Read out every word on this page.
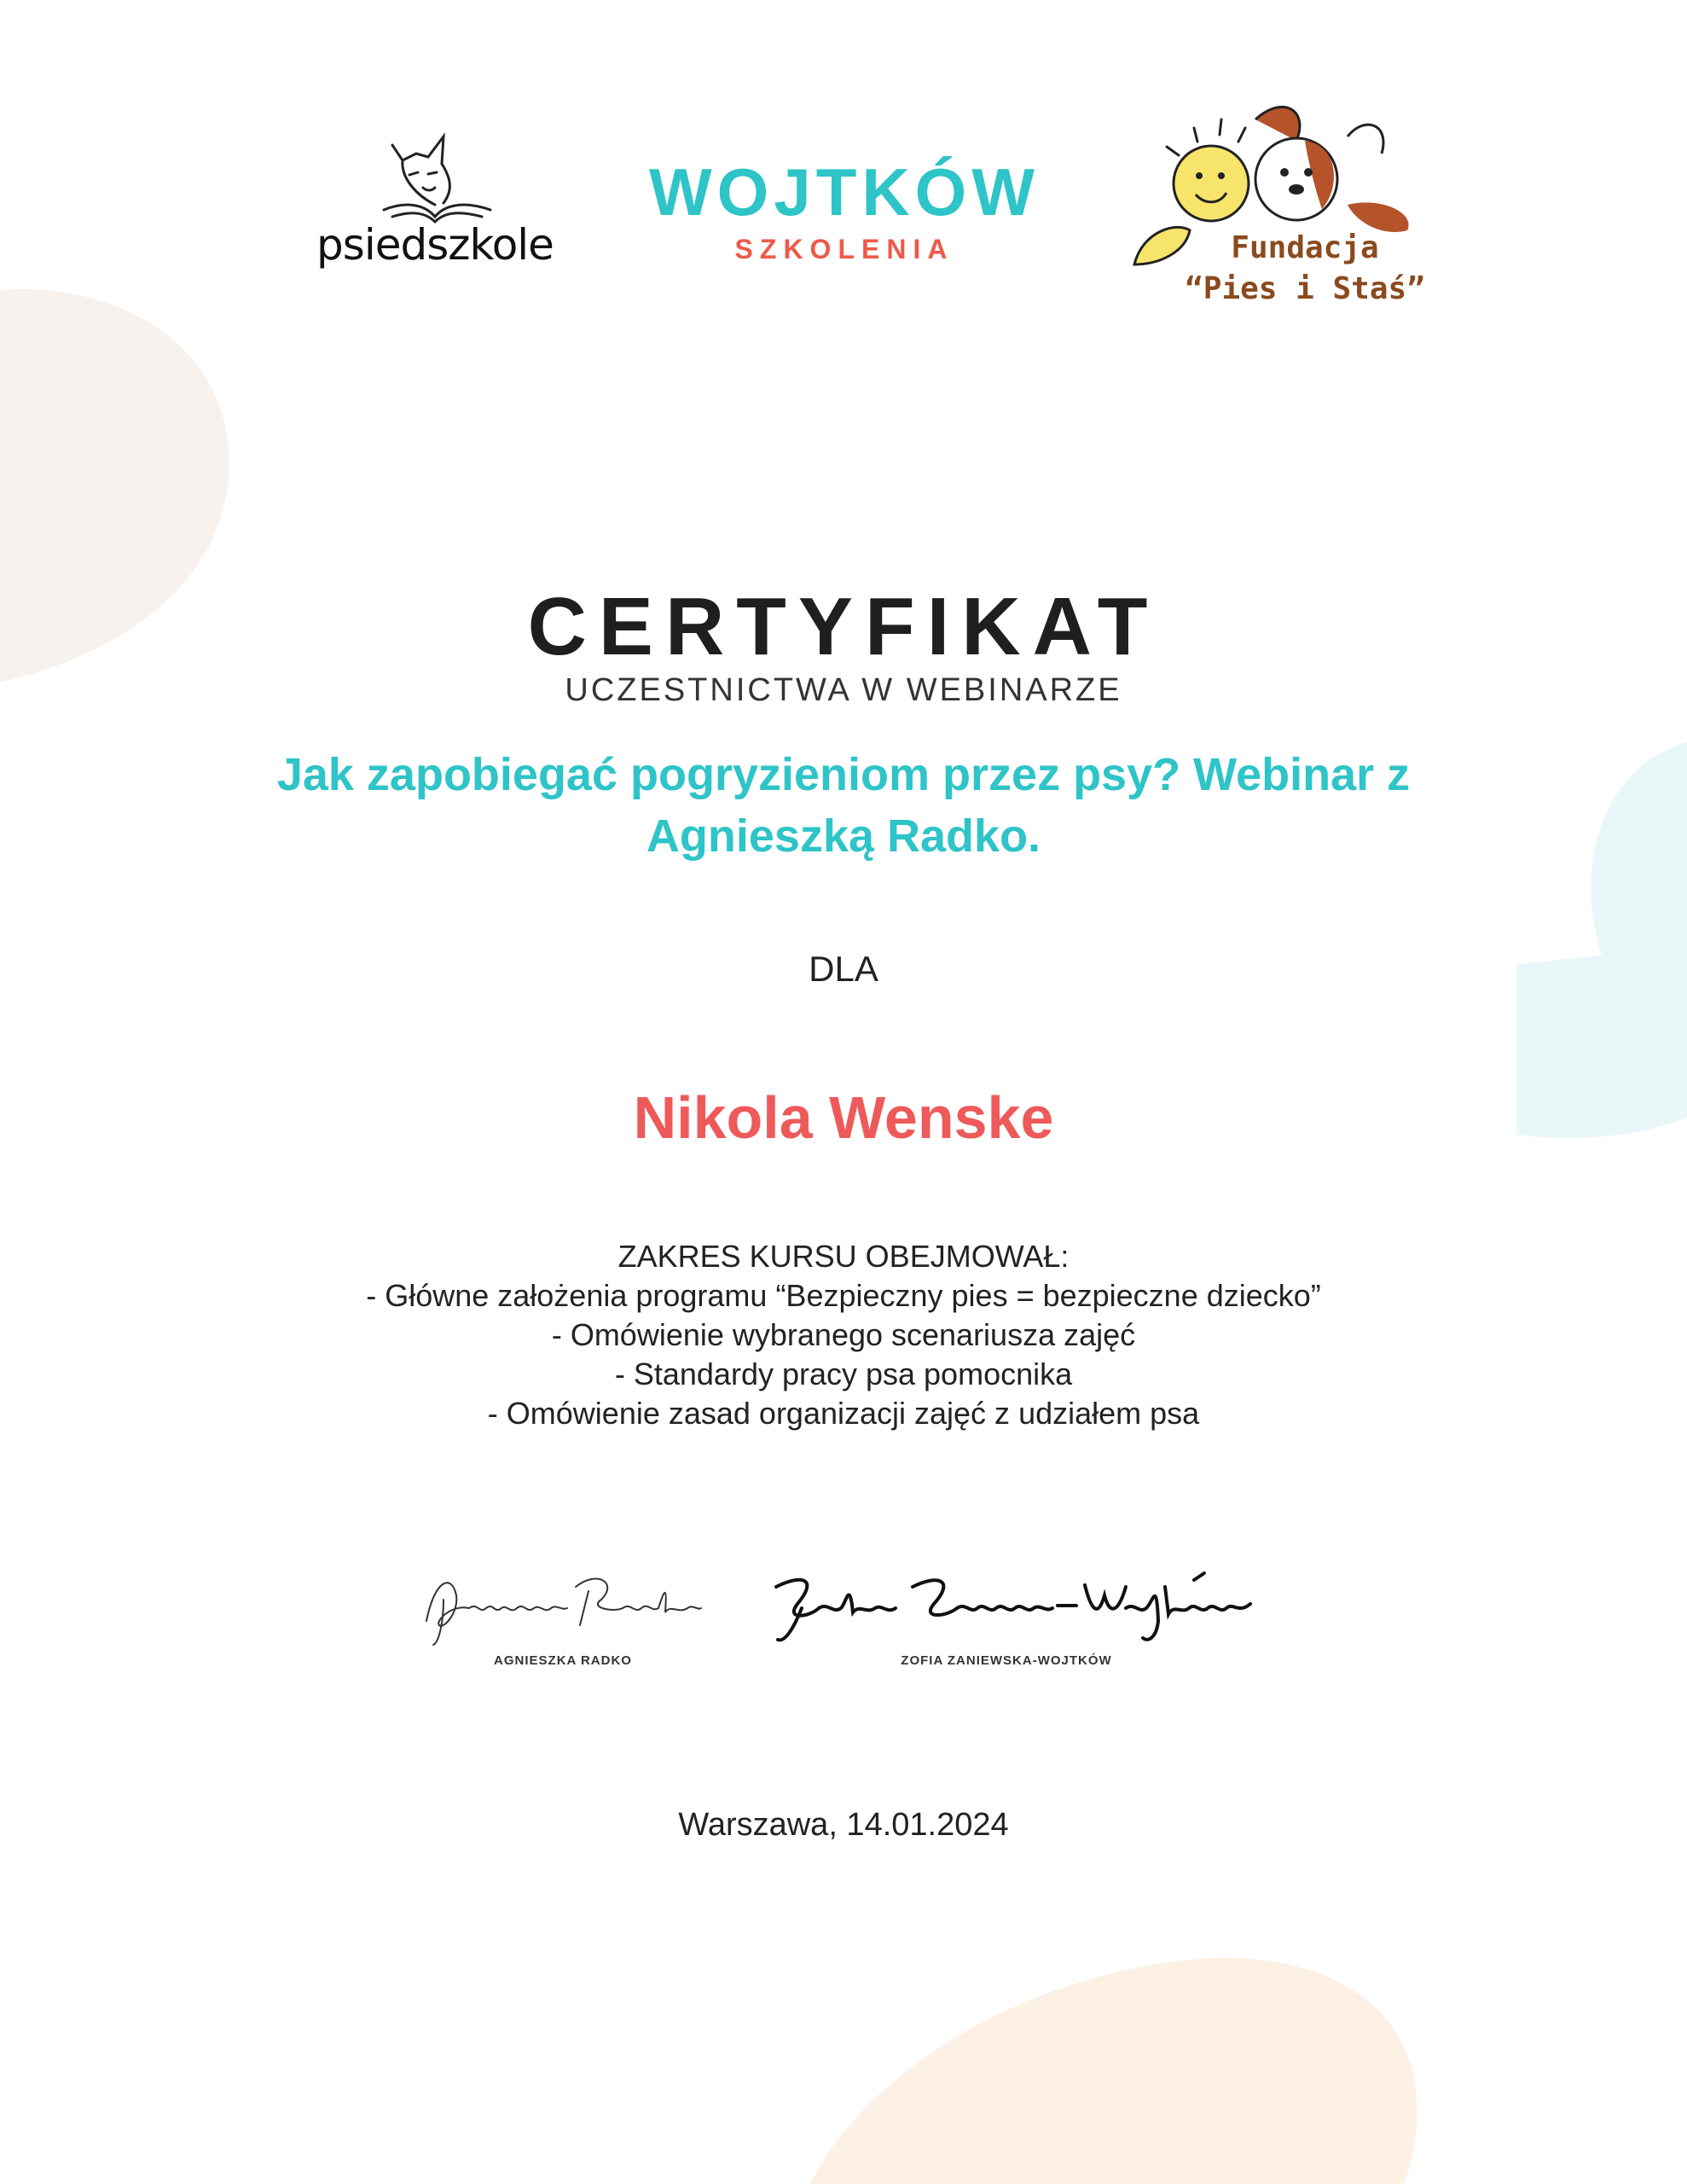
psiedszkole
WOJTKÓW
SZKOLENIA	Fundacja
“Pies i Staś”
CERTYFIKAT
UCZESTNICTWA W WEBINARZE
Jak zapobiegać pogryzieniom przez psy? Webinar z
Agnieszką Radko.
DLA
Nikola Wenske
ZAKRES KURSU OBEJMOWAŁ:
- Główne założenia programu “Bezpieczny pies = bezpieczne dziecko”
- Omówienie wybranego scenariusza zajęć
- Standardy pracy psa pomocnika
- Omówienie zasad organizacji zajęć z udziałem psa
AGNIESZKA RADKO	ZOFIA ZANIEWSKA-WOJTKÓW
Warszawa, 14.01.2024
